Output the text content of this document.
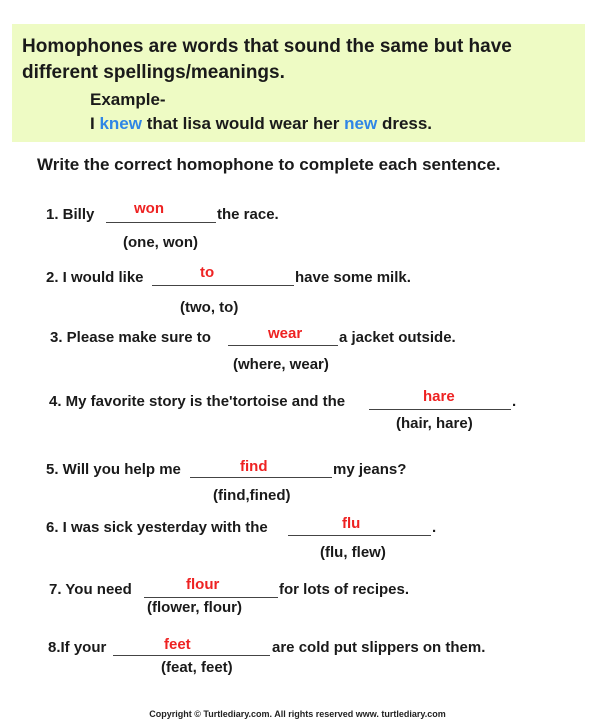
Homophones are words that sound the same but have different spellings/meanings.
Example-
I knew that lisa would wear her new dress.
Write the correct homophone to complete each sentence.
1. Billy	won	the race.
(one, won)
2. I would like	to	have some milk.
(two, to)
3. Please make sure to	wear a jacket outside.
(where, wear)
4. My favorite story is the'tortoise and the	hare	.
(hair, hare)
5. Will you help me	find	my jeans?
(find,fined)
6. I was sick yesterday with the	flu	.
(flu, flew)
7. You need	flour	for lots of recipes.
(flower, flour)
8.If your	feet	are cold put slippers on them.
(feat, feet)
Copyright © Turtlediary.com. All rights reserved www. turtlediary.com
